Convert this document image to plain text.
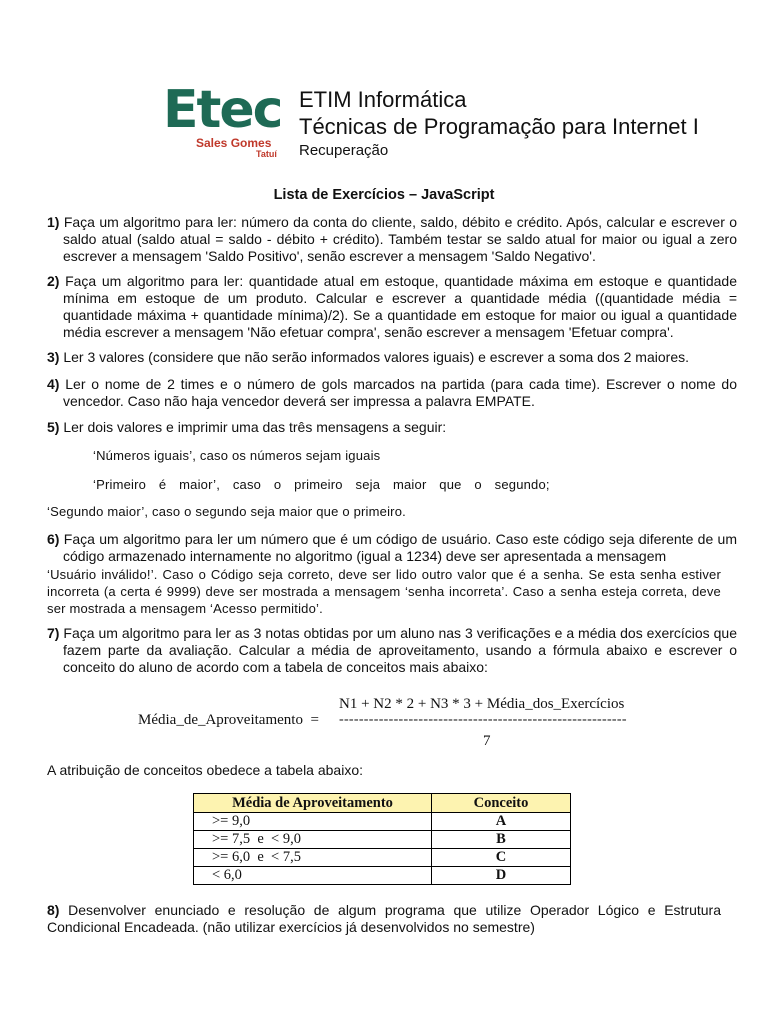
Etec
Sales Gomes
Tatuí
ETIM Informática
Técnicas de Programação para Internet I
Recuperação
Lista de Exercícios – JavaScript
1) Faça um algoritmo para ler: número da conta do cliente, saldo, débito e crédito. Após, calcular e escrever o saldo atual (saldo atual = saldo - débito + crédito). Também testar se saldo atual for maior ou igual a zero escrever a mensagem 'Saldo Positivo', senão escrever a mensagem 'Saldo Negativo'.
2) Faça um algoritmo para ler: quantidade atual em estoque, quantidade máxima em estoque e quantidade mínima em estoque de um produto. Calcular e escrever a quantidade média ((quantidade média = quantidade máxima + quantidade mínima)/2). Se a quantidade em estoque for maior ou igual a quantidade média escrever a mensagem 'Não efetuar compra', senão escrever a mensagem 'Efetuar compra'.
3) Ler 3 valores (considere que não serão informados valores iguais) e escrever a soma dos 2 maiores.
4) Ler o nome de 2 times e o número de gols marcados na partida (para cada time). Escrever o nome do vencedor. Caso não haja vencedor deverá ser impressa a palavra EMPATE.
5) Ler dois valores e imprimir uma das três mensagens a seguir:
‘Números iguais’, caso os números sejam iguais
‘Primeiro é maior’, caso o primeiro seja maior que o segundo;
‘Segundo maior’, caso o segundo seja maior que o primeiro.
6) Faça um algoritmo para ler um número que é um código de usuário. Caso este código seja diferente de um código armazenado internamente no algoritmo (igual a 1234) deve ser apresentada a mensagem
‘Usuário inválido!’. Caso o Código seja correto, deve ser lido outro valor que é a senha. Se esta senha estiver incorreta (a certa é 9999) deve ser mostrada a mensagem ‘senha incorreta’. Caso a senha esteja correta, deve ser mostrada a mensagem ‘Acesso permitido’.
7) Faça um algoritmo para ler as 3 notas obtidas por um aluno nas 3 verificações e a média dos exercícios que fazem parte da avaliação. Calcular a média de aproveitamento, usando a fórmula abaixo e escrever o conceito do aluno de acordo com a tabela de conceitos mais abaixo:
N1 + N2 * 2 + N3 * 3 + Média_dos_Exercícios
Média_de_Aproveitamento  = ----------------------------------------------------------
7
A atribuição de conceitos obedece a tabela abaixo:
Média de Aproveitamento	Conceito
>= 9,0	A
>= 7,5  e  < 9,0	B
>= 6,0  e  < 7,5	C
< 6,0	D
8) Desenvolver enunciado e resolução de algum programa que utilize Operador Lógico e Estrutura Condicional Encadeada. (não utilizar exercícios já desenvolvidos no semestre)
